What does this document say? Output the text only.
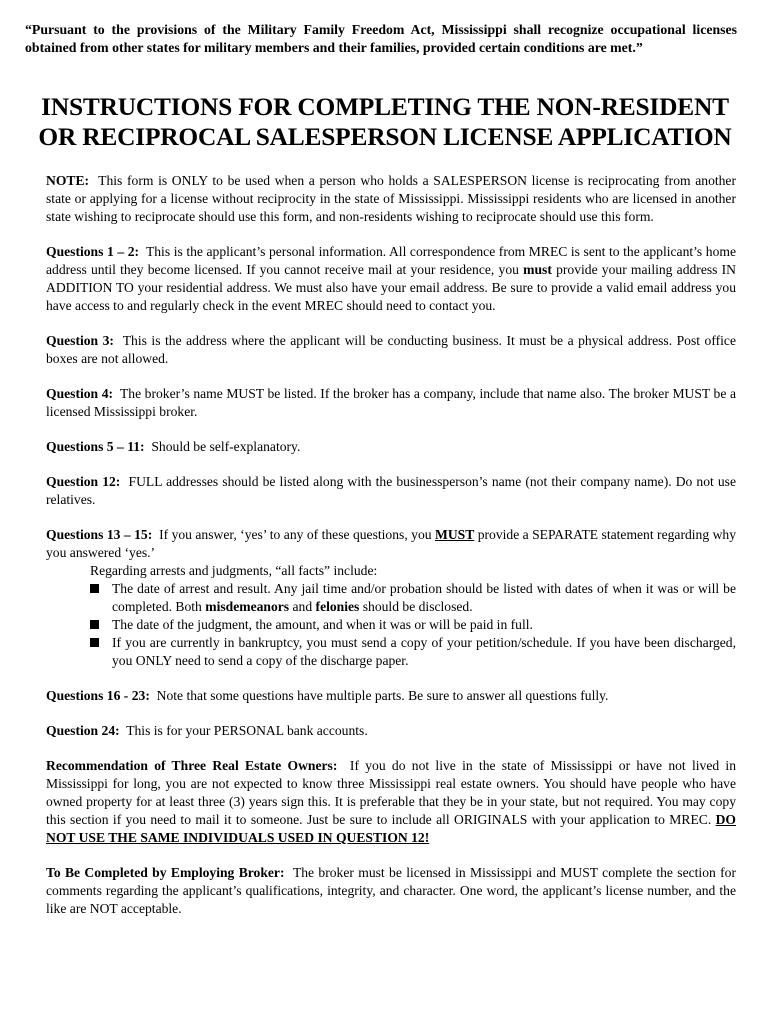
“Pursuant to the provisions of the Military Family Freedom Act, Mississippi shall recognize occupational licenses obtained from other states for military members and their families, provided certain conditions are met.”
INSTRUCTIONS FOR COMPLETING THE NON-RESIDENT
OR RECIPROCAL SALESPERSON LICENSE APPLICATION

NOTE: This form is ONLY to be used when a person who holds a SALESPERSON license is reciprocating from another state or applying for a license without reciprocity in the state of Mississippi. Mississippi residents who are licensed in another state wishing to reciprocate should use this form, and non-residents wishing to reciprocate should use this form.

Questions 1 – 2: This is the applicant’s personal information. All correspondence from MREC is sent to the applicant’s home address until they become licensed. If you cannot receive mail at your residence, you must provide your mailing address IN ADDITION TO your residential address. We must also have your email address. Be sure to provide a valid email address you have access to and regularly check in the event MREC should need to contact you.

Question 3: This is the address where the applicant will be conducting business. It must be a physical address. Post office boxes are not allowed.

Question 4: The broker’s name MUST be listed. If the broker has a company, include that name also. The broker MUST be a licensed Mississippi broker.

Questions 5 – 11: Should be self-explanatory.

Question 12: FULL addresses should be listed along with the businessperson’s name (not their company name). Do not use relatives.

Questions 13 – 15: If you answer, ‘yes’ to any of these questions, you MUST provide a SEPARATE statement regarding why you answered ‘yes.’

Regarding arrests and judgments, “all facts” include:

The date of arrest and result. Any jail time and/or probation should be listed with dates of when it was or will be completed. Both misdemeanors and felonies should be disclosed.
The date of the judgment, the amount, and when it was or will be paid in full.
If you are currently in bankruptcy, you must send a copy of your petition/schedule. If you have been discharged, you ONLY need to send a copy of the discharge paper.

Questions 16 - 23: Note that some questions have multiple parts. Be sure to answer all questions fully.

Question 24: This is for your PERSONAL bank accounts.

Recommendation of Three Real Estate Owners: If you do not live in the state of Mississippi or have not lived in Mississippi for long, you are not expected to know three Mississippi real estate owners. You should have people who have owned property for at least three (3) years sign this. It is preferable that they be in your state, but not required. You may copy this section if you need to mail it to someone. Just be sure to include all ORIGINALS with your application to MREC. DO NOT USE THE SAME INDIVIDUALS USED IN QUESTION 12!

To Be Completed by Employing Broker: The broker must be licensed in Mississippi and MUST complete the section for comments regarding the applicant’s qualifications, integrity, and character. One word, the applicant’s license number, and the like are NOT acceptable.
